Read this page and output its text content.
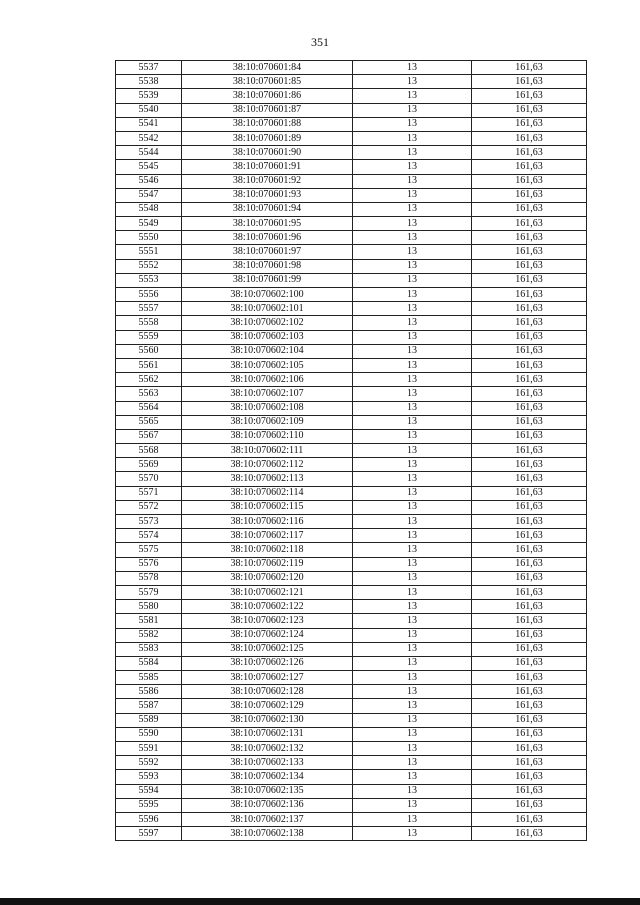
351
5537	38:10:070601:84	13	161,63
5538	38:10:070601:85	13	161,63
5539	38:10:070601:86	13	161,63
5540	38:10:070601:87	13	161,63
5541	38:10:070601:88	13	161,63
5542	38:10:070601:89	13	161,63
5544	38:10:070601:90	13	161,63
5545	38:10:070601:91	13	161,63
5546	38:10:070601:92	13	161,63
5547	38:10:070601:93	13	161,63
5548	38:10:070601:94	13	161,63
5549	38:10:070601:95	13	161,63
5550	38:10:070601:96	13	161,63
5551	38:10:070601:97	13	161,63
5552	38:10:070601:98	13	161,63
5553	38:10:070601:99	13	161,63
5556	38:10:070602:100	13	161,63
5557	38:10:070602:101	13	161,63
5558	38:10:070602:102	13	161,63
5559	38:10:070602:103	13	161,63
5560	38:10:070602:104	13	161,63
5561	38:10:070602:105	13	161,63
5562	38:10:070602:106	13	161,63
5563	38:10:070602:107	13	161,63
5564	38:10:070602:108	13	161,63
5565	38:10:070602:109	13	161,63
5567	38:10:070602:110	13	161,63
5568	38:10:070602:111	13	161,63
5569	38:10:070602:112	13	161,63
5570	38:10:070602:113	13	161,63
5571	38:10:070602:114	13	161,63
5572	38:10:070602:115	13	161,63
5573	38:10:070602:116	13	161,63
5574	38:10:070602:117	13	161,63
5575	38:10:070602:118	13	161,63
5576	38:10:070602:119	13	161,63
5578	38:10:070602:120	13	161,63
5579	38:10:070602:121	13	161,63
5580	38:10:070602:122	13	161,63
5581	38:10:070602:123	13	161,63
5582	38:10:070602:124	13	161,63
5583	38:10:070602:125	13	161,63
5584	38:10:070602:126	13	161,63
5585	38:10:070602:127	13	161,63
5586	38:10:070602:128	13	161,63
5587	38:10:070602:129	13	161,63
5589	38:10:070602:130	13	161,63
5590	38:10:070602:131	13	161,63
5591	38:10:070602:132	13	161,63
5592	38:10:070602:133	13	161,63
5593	38:10:070602:134	13	161,63
5594	38:10:070602:135	13	161,63
5595	38:10:070602:136	13	161,63
5596	38:10:070602:137	13	161,63
5597	38:10:070602:138	13	161,63
